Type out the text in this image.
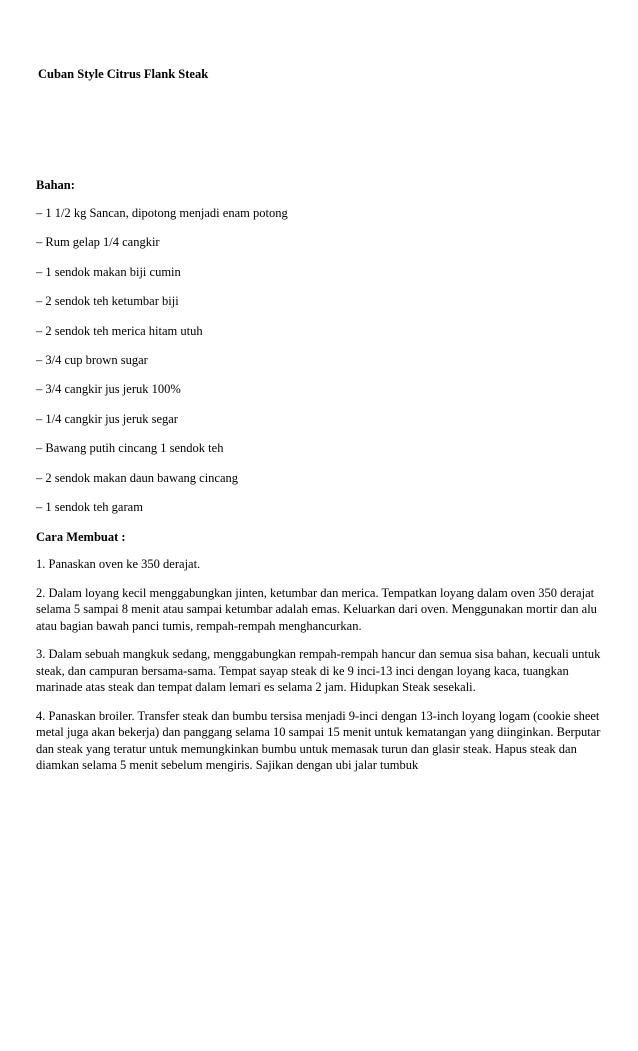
Cuban Style Citrus Flank Steak
Bahan:
– 1 1/2 kg Sancan, dipotong menjadi enam potong
– Rum gelap 1/4 cangkir
– 1 sendok makan biji cumin
– 2 sendok teh ketumbar biji
– 2 sendok teh merica hitam utuh
– 3/4 cup brown sugar
– 3/4 cangkir jus jeruk 100%
– 1/4 cangkir jus jeruk segar
– Bawang putih cincang 1 sendok teh
– 2 sendok makan daun bawang cincang
– 1 sendok teh garam
Cara Membuat :

1. Panaskan oven ke 350 derajat.

2. Dalam loyang kecil menggabungkan jinten, ketumbar dan merica. Tempatkan loyang dalam oven 350 derajat selama 5 sampai 8 menit atau sampai ketumbar adalah emas. Keluarkan dari oven. Menggunakan mortir dan alu atau bagian bawah panci tumis, rempah-rempah menghancurkan.

3. Dalam sebuah mangkuk sedang, menggabungkan rempah-rempah hancur dan semua sisa bahan, kecuali untuk steak, dan campuran bersama-sama. Tempat sayap steak di ke 9 inci-13 inci dengan loyang kaca, tuangkan marinade atas steak dan tempat dalam lemari es selama 2 jam. Hidupkan Steak sesekali.

4. Panaskan broiler. Transfer steak dan bumbu tersisa menjadi 9-inci dengan 13-inch loyang logam (cookie sheet metal juga akan bekerja) dan panggang selama 10 sampai 15 menit untuk kematangan yang diinginkan. Berputar dan steak yang teratur untuk memungkinkan bumbu untuk memasak turun dan glasir steak. Hapus steak dan diamkan selama 5 menit sebelum mengiris. Sajikan dengan ubi jalar tumbuk
